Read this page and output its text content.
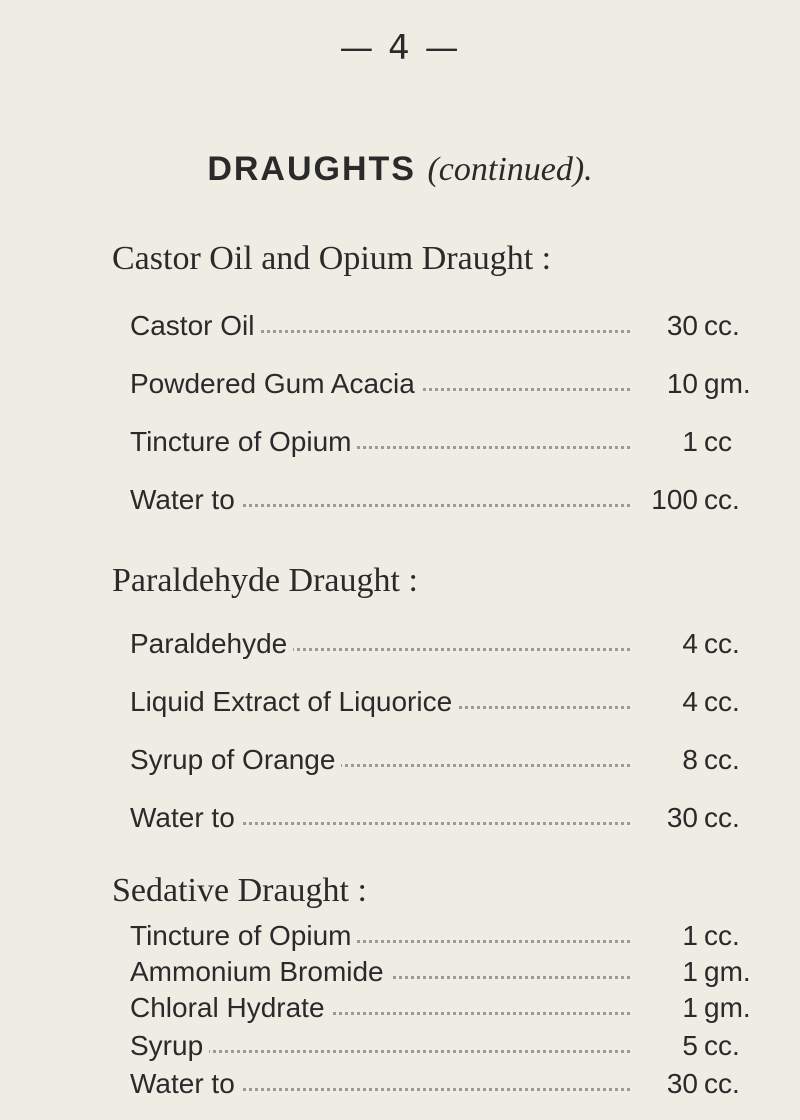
— 4 —
DRAUGHTS (continued).
Castor Oil and Opium Draught :
Castor Oil	30 cc.
Powdered Gum Acacia	10 gm.
Tincture of Opium	1 cc
Water to	100 cc.
Paraldehyde Draught :
Paraldehyde	4 cc.
Liquid Extract of Liquorice	4 cc.
Syrup of Orange	8 cc.
Water to	30 cc.
Sedative Draught :
Tincture of Opium	1 cc.
Ammonium Bromide	1 gm.
Chloral Hydrate	1 gm.
Syrup	5 cc.
Water to	30 cc.
